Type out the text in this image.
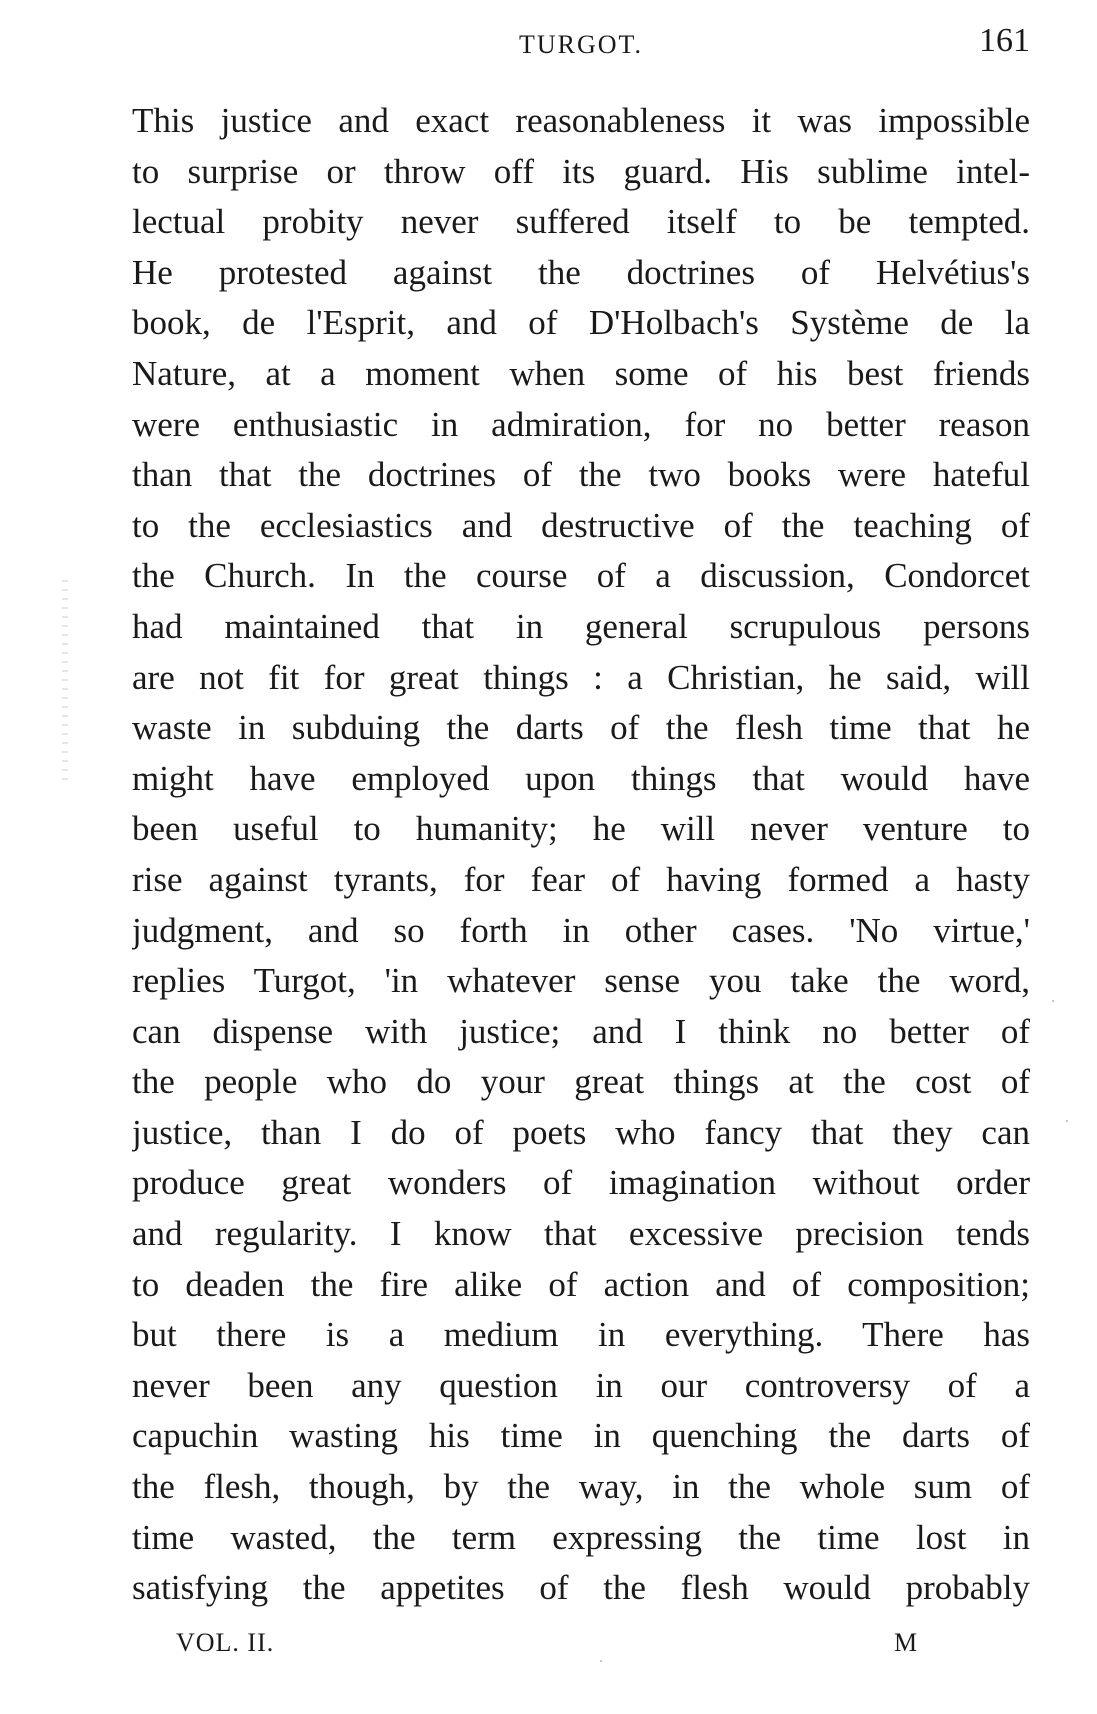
TURGOT.	161
This justice and exact reasonableness it was impossible
to surprise or throw off its guard. His sublime intel-
lectual probity never suffered itself to be tempted.
He protested against the doctrines of Helvétius's
book, de l'Esprit, and of D'Holbach's Système de la
Nature, at a moment when some of his best friends
were enthusiastic in admiration, for no better reason
than that the doctrines of the two books were hateful
to the ecclesiastics and destructive of the teaching of
the Church. In the course of a discussion, Condorcet
had maintained that in general scrupulous persons
are not fit for great things : a Christian, he said, will
waste in subduing the darts of the flesh time that he
might have employed upon things that would have
been useful to humanity; he will never venture to
rise against tyrants, for fear of having formed a hasty
judgment, and so forth in other cases. 'No virtue,'
replies Turgot, 'in whatever sense you take the word,
can dispense with justice; and I think no better of
the people who do your great things at the cost of
justice, than I do of poets who fancy that they can
produce great wonders of imagination without order
and regularity. I know that excessive precision tends
to deaden the fire alike of action and of composition;
but there is a medium in everything. There has
never been any question in our controversy of a
capuchin wasting his time in quenching the darts of
the flesh, though, by the way, in the whole sum of
time wasted, the term expressing the time lost in
satisfying the appetites of the flesh would probably
VOL. II.	M
